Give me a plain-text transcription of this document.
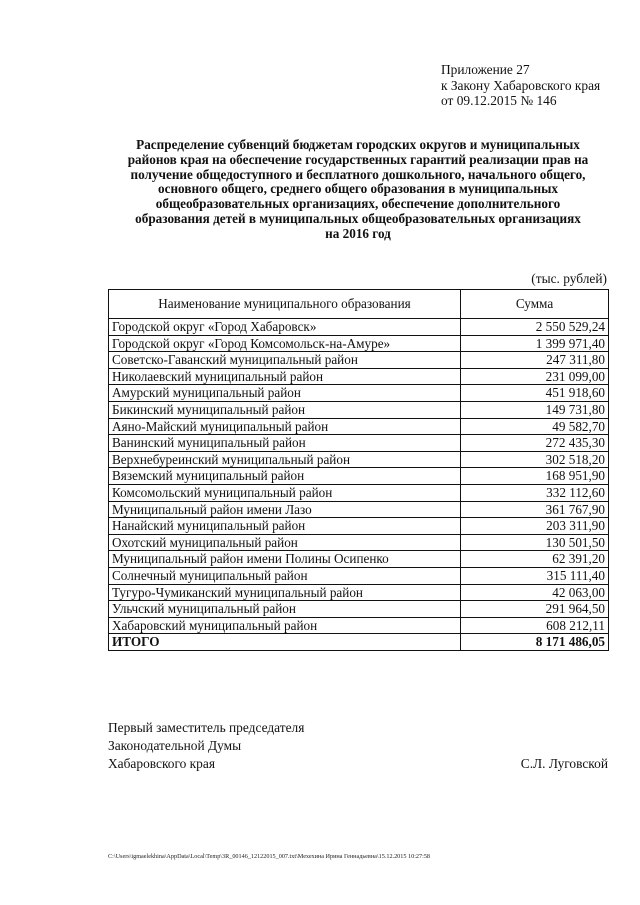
Приложение 27
к Закону Хабаровского края
от 09.12.2015 № 146
Распределение субвенций бюджетам городских округов и муниципальных
районов края на обеспечение государственных гарантий реализации прав на
получение общедоступного и бесплатного дошкольного, начального общего,
основного общего, среднего общего образования в муниципальных
общеобразовательных организациях, обеспечение дополнительного
образования детей в муниципальных общеобразовательных организациях
на 2016 год
(тыс. рублей)
Наименование муниципального образования	Сумма
Городской округ «Город Хабаровск»	2 550 529,24
Городской округ «Город Комсомольск-на-Амуре»	1 399 971,40
Советско-Гаванский муниципальный район	247 311,80
Николаевский муниципальный район	231 099,00
Амурский муниципальный район	451 918,60
Бикинский муниципальный район	149 731,80
Аяно-Майский муниципальный район	49 582,70
Ванинский муниципальный район	272 435,30
Верхнебуреинский муниципальный район	302 518,20
Вяземский муниципальный район	168 951,90
Комсомольский муниципальный район	332 112,60
Муниципальный район имени Лазо	361 767,90
Нанайский муниципальный район	203 311,90
Охотский муниципальный район	130 501,50
Муниципальный район имени Полины Осипенко	62 391,20
Солнечный муниципальный район	315 111,40
Тугуро-Чумиканский муниципальный район	42 063,00
Ульчский муниципальный район	291 964,50
Хабаровский муниципальный район	608 212,11
ИТОГО	8 171 486,05
Первый заместитель председателя
Законодательной Думы
Хабаровского края	С.Л. Луговской
C:\Users\igmaelekhina\AppData\Local\Temp\3R_00146_12122015_007.txt\Мехехина Ирина Геннадьевна\15.12.2015 10:27:58
